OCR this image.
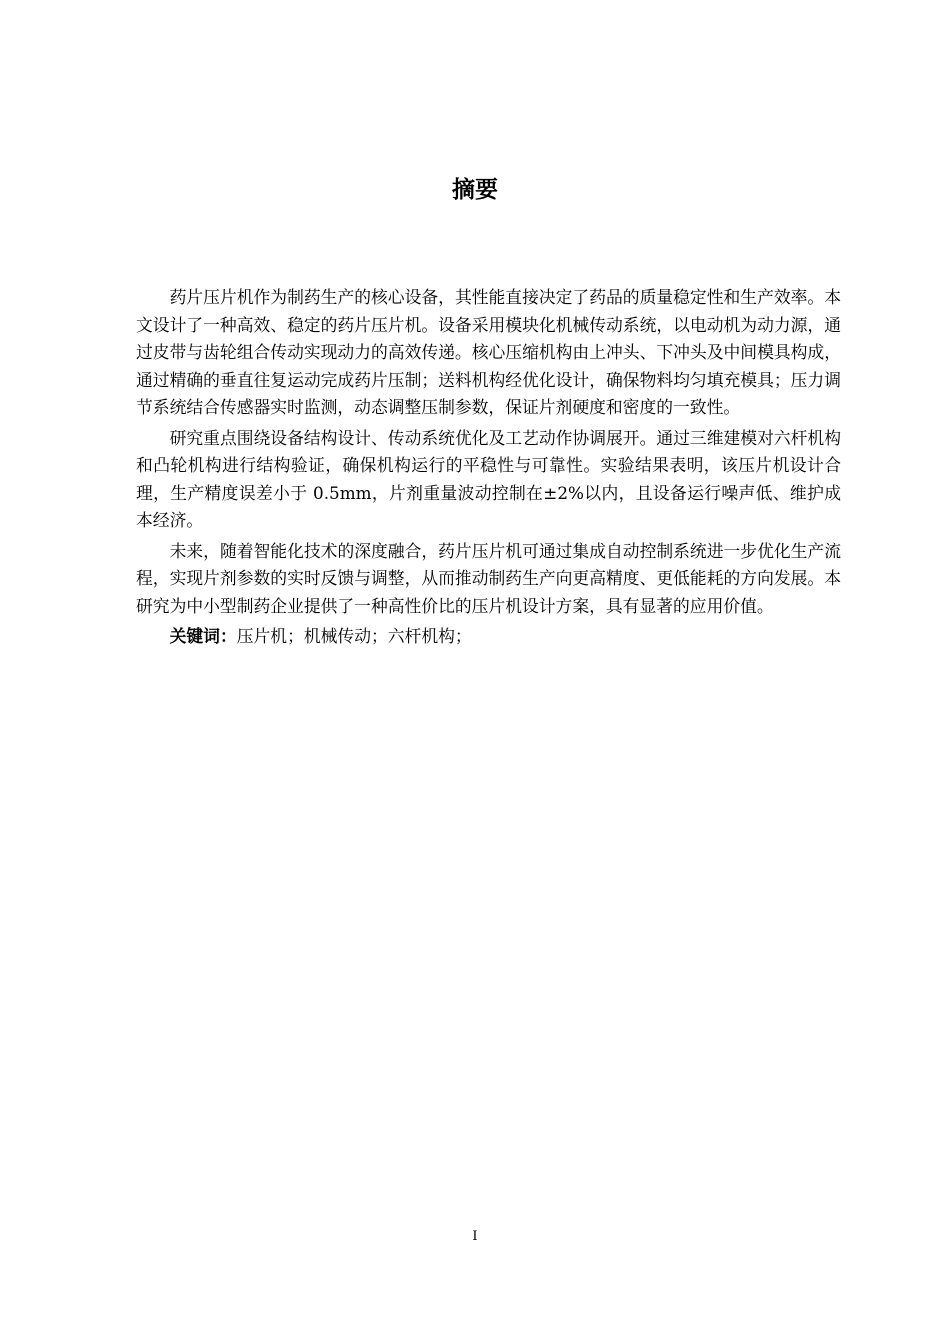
摘要

药片压片机作为制药生产的核心设备，其性能直接决定了药品的质量稳定性和生产效率。本文设计了一种高效、稳定的药片压片机。设备采用模块化机械传动系统，以电动机为动力源，通过皮带与齿轮组合传动实现动力的高效传递。核心压缩机构由上冲头、下冲头及中间模具构成，通过精确的垂直往复运动完成药片压制；送料机构经优化设计，确保物料均匀填充模具；压力调节系统结合传感器实时监测，动态调整压制参数，保证片剂硬度和密度的一致性。

研究重点围绕设备结构设计、传动系统优化及工艺动作协调展开。通过三维建模对六杆机构和凸轮机构进行结构验证，确保机构运行的平稳性与可靠性。实验结果表明，该压片机设计合理，生产精度误差小于 0.5mm，片剂重量波动控制在±2%以内，且设备运行噪声低、维护成本经济。

未来，随着智能化技术的深度融合，药片压片机可通过集成自动控制系统进一步优化生产流程，实现片剂参数的实时反馈与调整，从而推动制药生产向更高精度、更低能耗的方向发展。本研究为中小型制药企业提供了一种高性价比的压片机设计方案，具有显著的应用价值。

关键词：压片机；机械传动；六杆机构；

I
